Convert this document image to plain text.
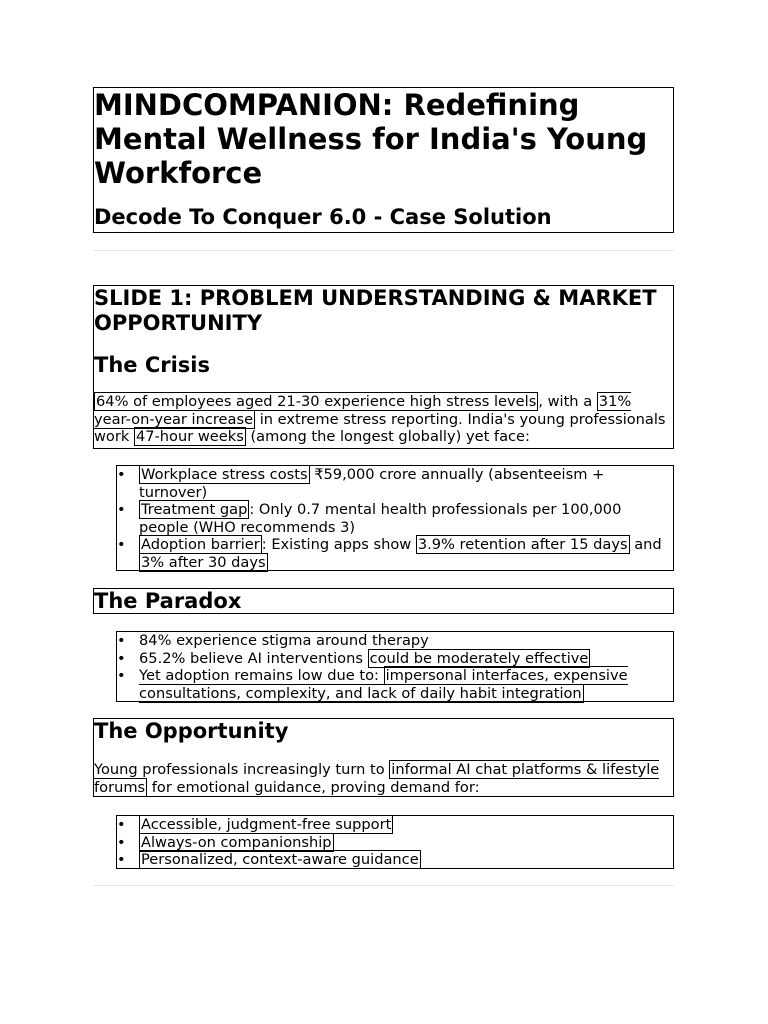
MINDCOMPANION: Redefining Mental Wellness for India's Young Workforce
Decode To Conquer 6.0 - Case Solution
SLIDE 1: PROBLEM UNDERSTANDING & MARKET OPPORTUNITY
The Crisis

64% of employees aged 21-30 experience high stress levels , with a 31% year-on-year increase in extreme stress reporting. India's young professionals work 47-hour weeks (among the longest globally) yet face:

• Workplace stress costs ₹59,000 crore annually (absenteeism + turnover)
• Treatment gap : Only 0.7 mental health professionals per 100,000 people (WHO recommends 3)
• Adoption barrier : Existing apps show 3.9% retention after 15 days and 3% after 30 days
The Paradox
• 84% experience stigma around therapy
• 65.2% believe AI interventions could be moderately effective
• Yet adoption remains low due to: impersonal interfaces, expensive consultations, complexity, and lack of daily habit integration
The Opportunity

Young professionals increasingly turn to informal AI chat platforms & lifestyle forums for emotional guidance, proving demand for:

• Accessible, judgment-free support
• Always-on companionship
• Personalized, context-aware guidance
